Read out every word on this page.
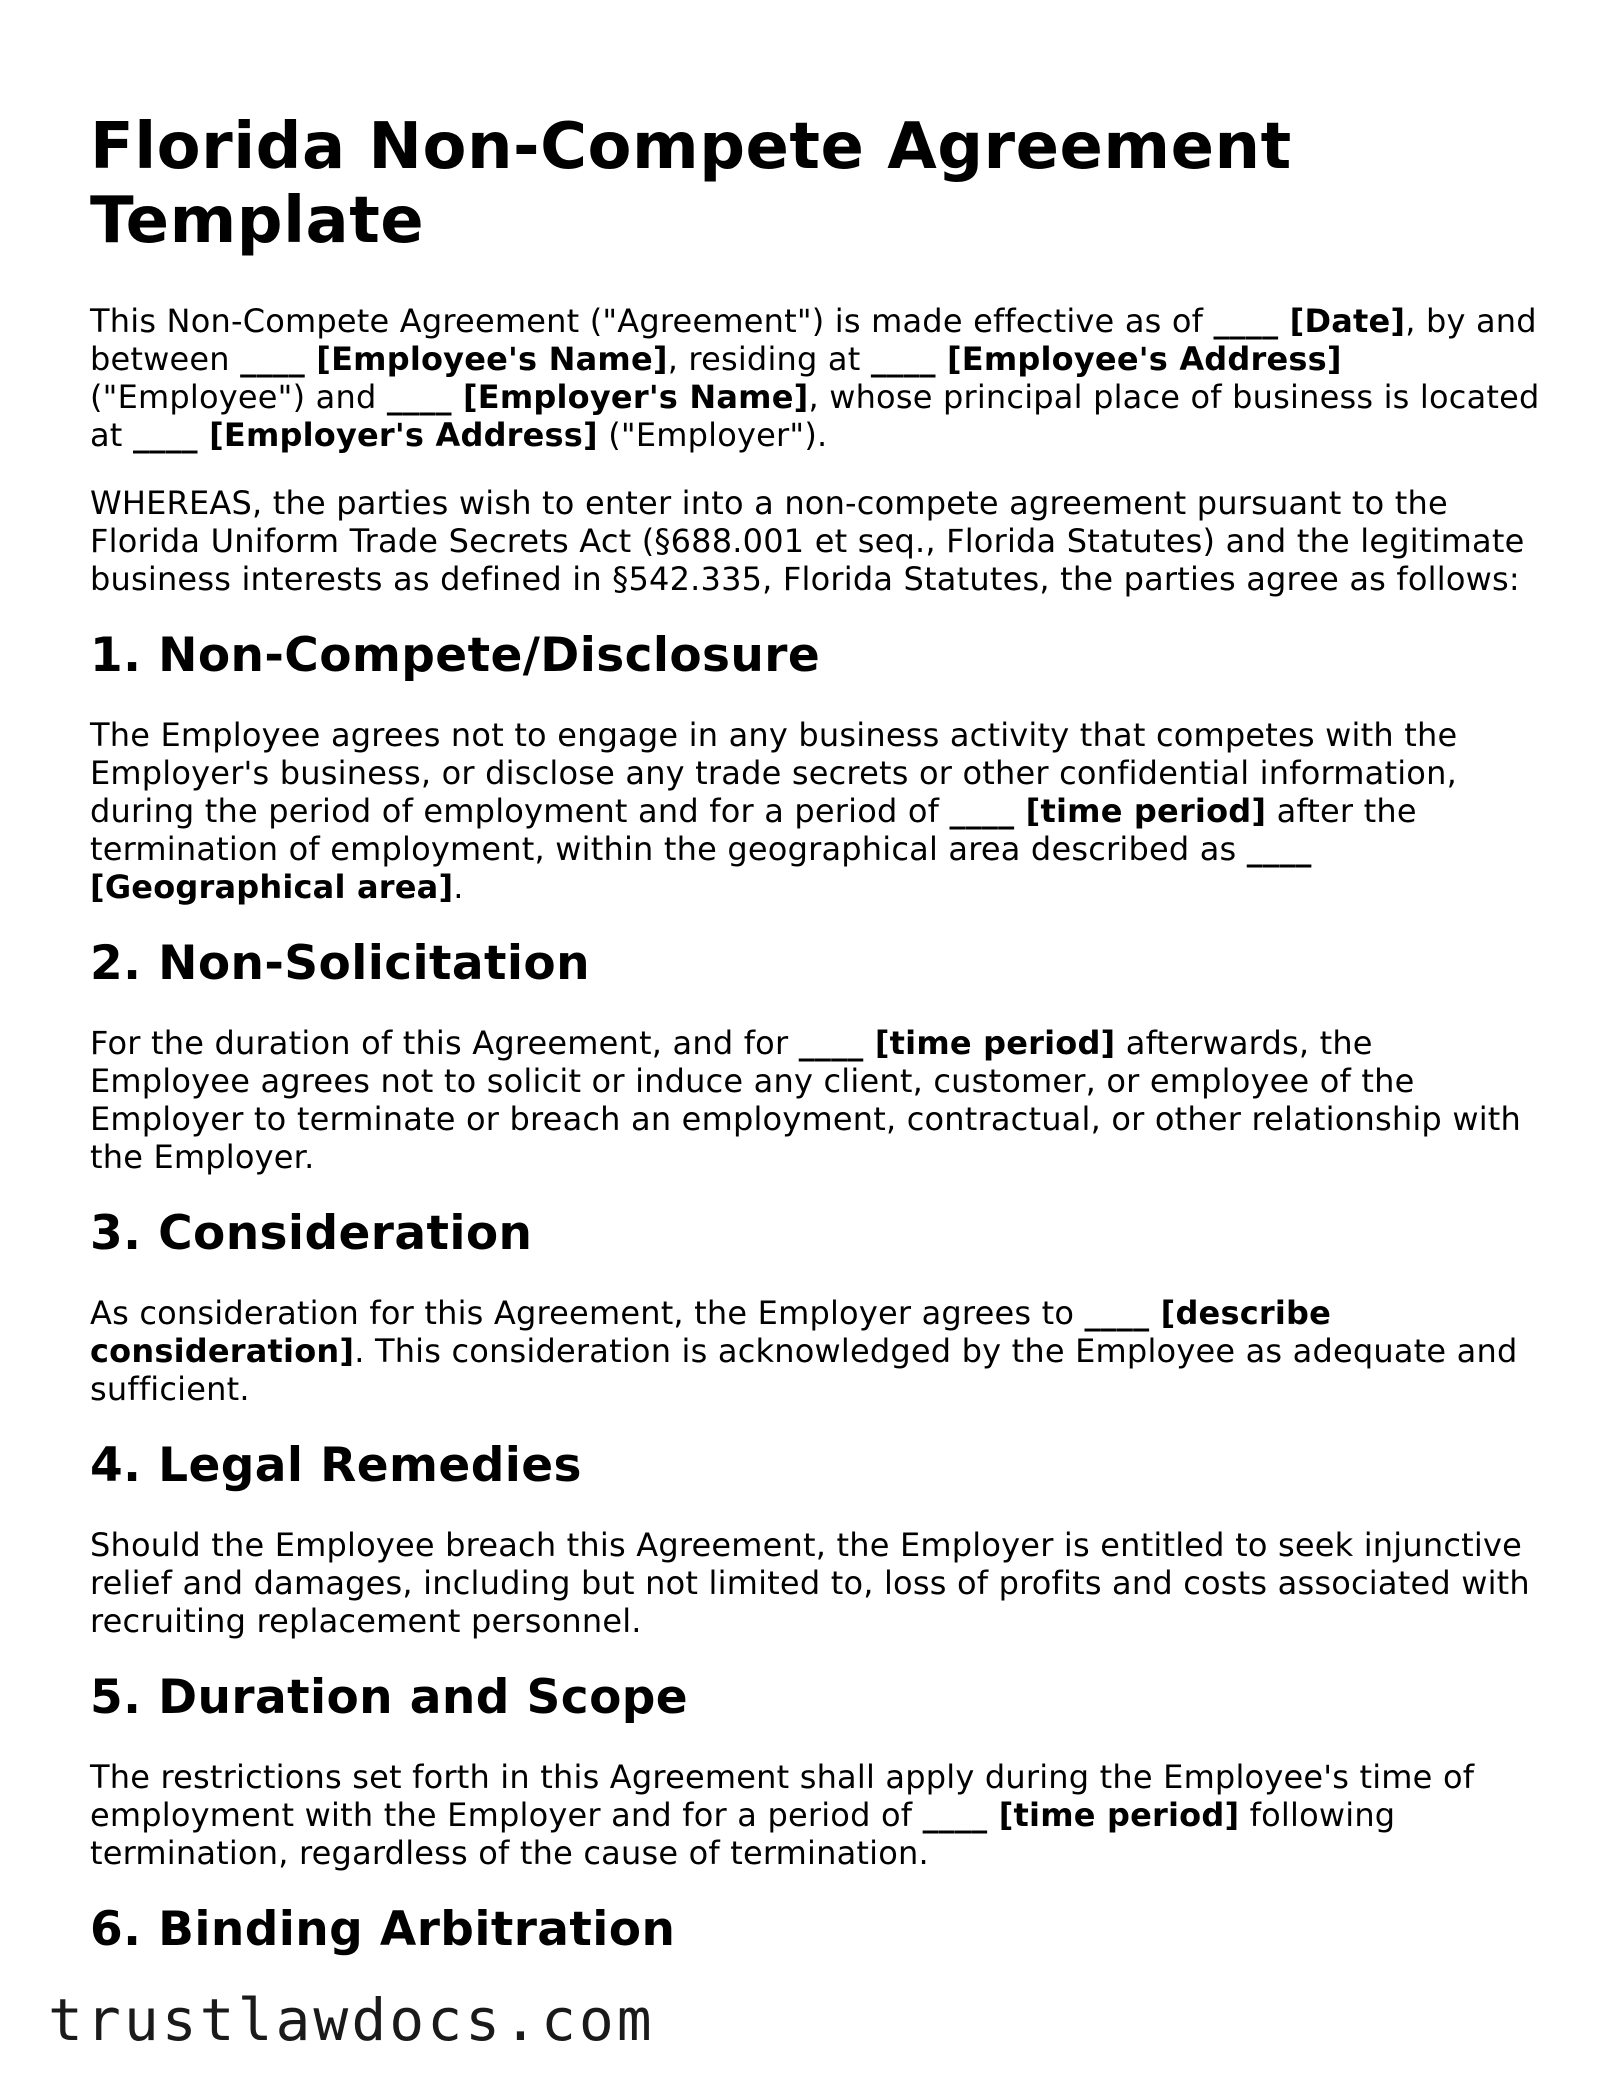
Florida Non-Compete Agreement Template

This Non-Compete Agreement ("Agreement") is made effective as of ____ [Date], by and between ____ [Employee's Name], residing at ____ [Employee's Address] ("Employee") and ____ [Employer's Name], whose principal place of business is located at ____ [Employer's Address] ("Employer").

WHEREAS, the parties wish to enter into a non-compete agreement pursuant to the Florida Uniform Trade Secrets Act (§688.001 et seq., Florida Statutes) and the legitimate business interests as defined in §542.335, Florida Statutes, the parties agree as follows:

1. Non-Compete/Disclosure

The Employee agrees not to engage in any business activity that competes with the Employer's business, or disclose any trade secrets or other confidential information, during the period of employment and for a period of ____ [time period] after the termination of employment, within the geographical area described as ____ [Geographical area].

2. Non-Solicitation

For the duration of this Agreement, and for ____ [time period] afterwards, the Employee agrees not to solicit or induce any client, customer, or employee of the Employer to terminate or breach an employment, contractual, or other relationship with the Employer.

3. Consideration

As consideration for this Agreement, the Employer agrees to ____ [describe consideration]. This consideration is acknowledged by the Employee as adequate and sufficient.

4. Legal Remedies

Should the Employee breach this Agreement, the Employer is entitled to seek injunctive relief and damages, including but not limited to, loss of profits and costs associated with recruiting replacement personnel.

5. Duration and Scope

The restrictions set forth in this Agreement shall apply during the Employee's time of employment with the Employer and for a period of ____ [time period] following termination, regardless of the cause of termination.

6. Binding Arbitration
trustlawdocs.com
